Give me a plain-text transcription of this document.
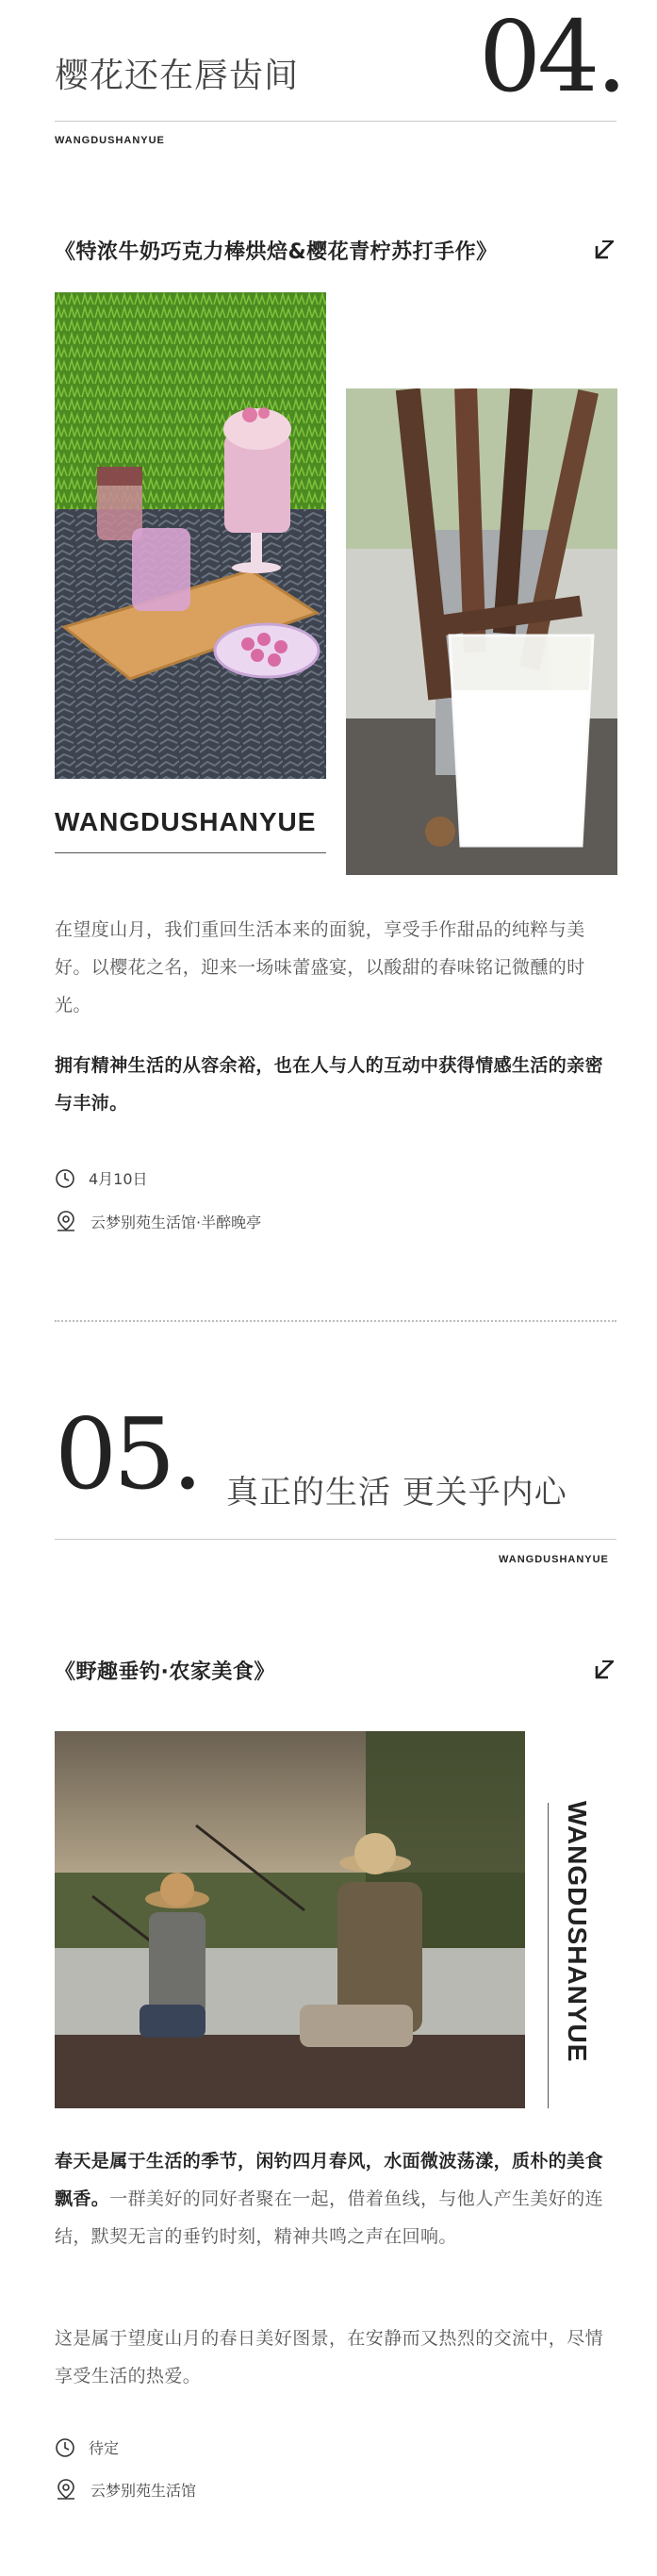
樱花还在唇齿间 04.
WANGDUSHANYUE
《特浓牛奶巧克力棒烘焙&樱花青柠苏打手作》
WANGDUSHANYUE
在望度山月，我们重回生活本来的面貌，享受手作甜品的纯粹与美好。以樱花之名，迎来一场味蕾盛宴，以酸甜的春味铭记微醺的时光。
拥有精神生活的从容余裕，也在人与人的互动中获得情感生活的亲密与丰沛。
4月10日
云梦别苑生活馆·半醉晚亭
05. 真正的生活 更关乎内心
WANGDUSHANYUE
《野趣垂钓·农家美食》
WANGDUSHANYUE
春天是属于生活的季节，闲钓四月春风，水面微波荡漾，质朴的美食飘香。一群美好的同好者聚在一起，借着鱼线，与他人产生美好的连结，默契无言的垂钓时刻，精神共鸣之声在回响。
这是属于望度山月的春日美好图景，在安静而又热烈的交流中，尽情享受生活的热爱。
待定
云梦别苑生活馆
